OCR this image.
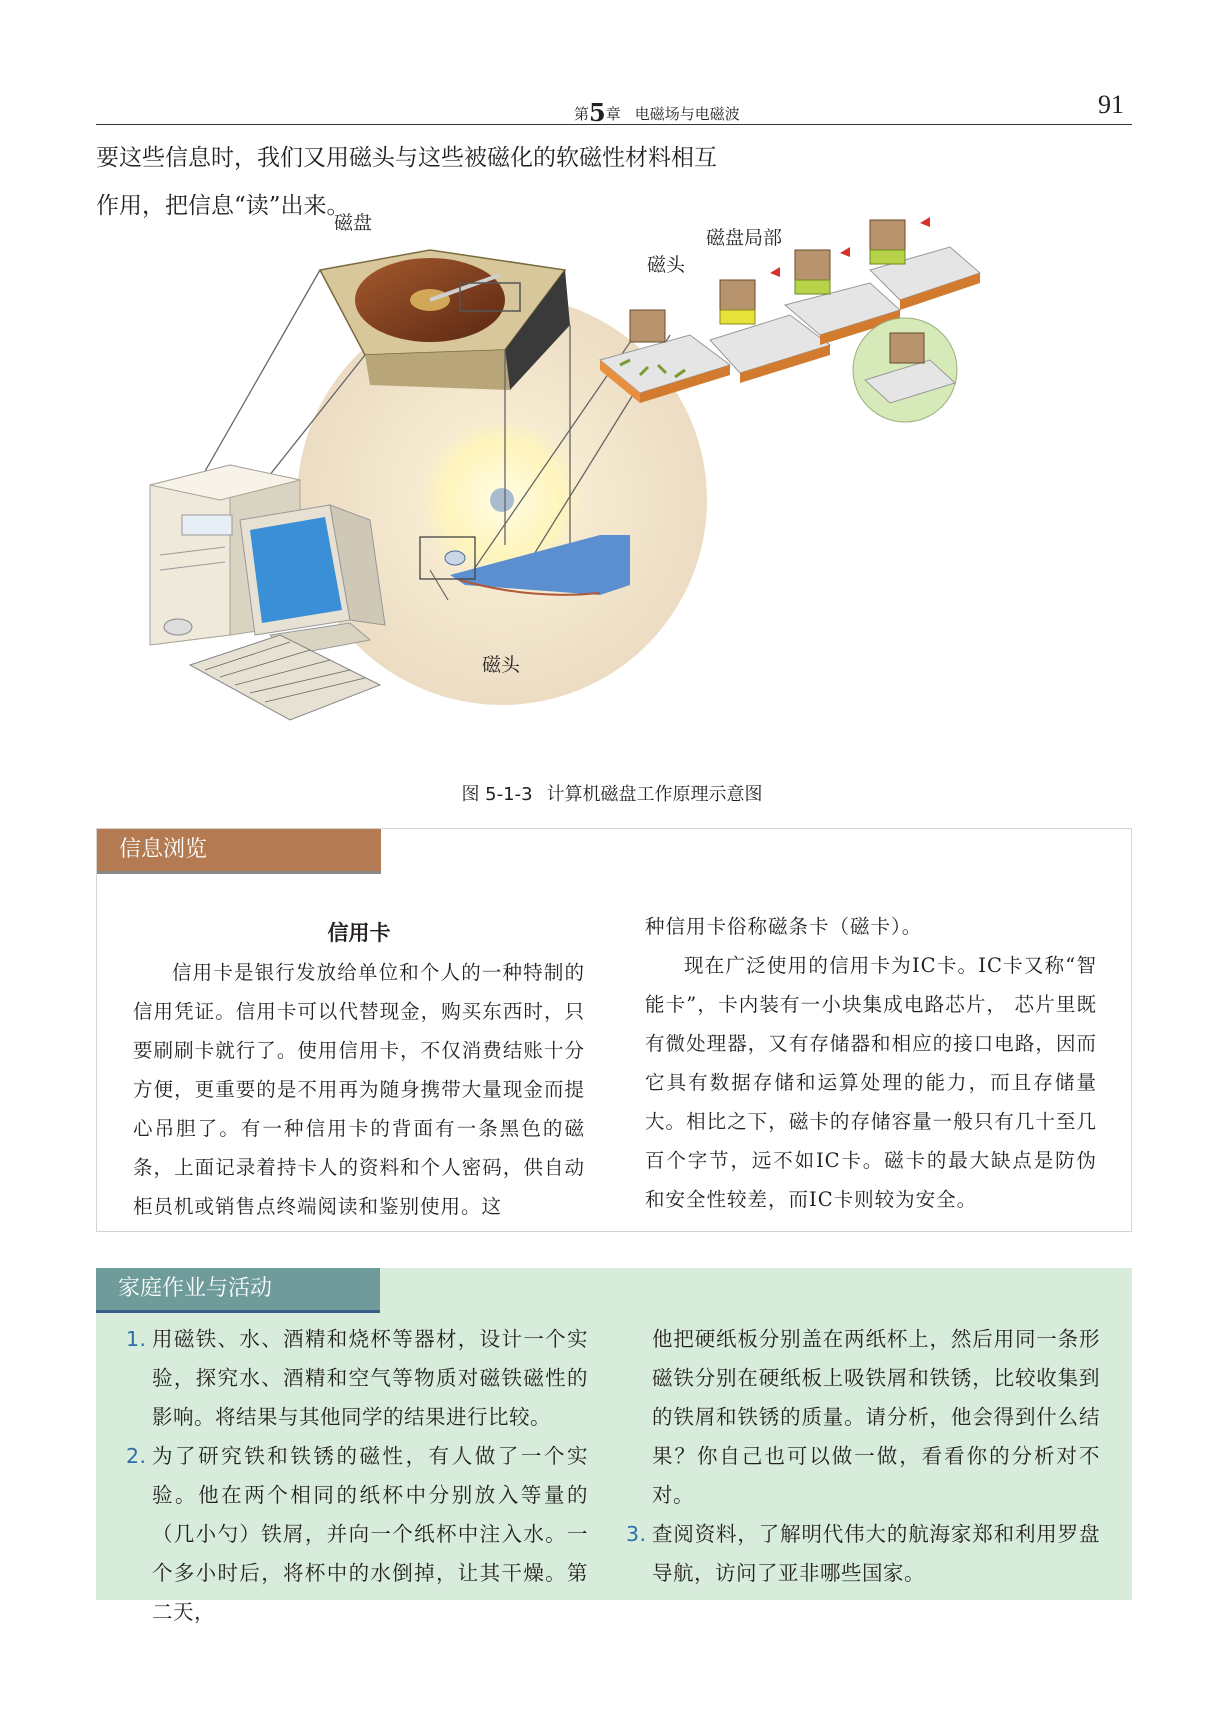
第5章 电磁场与电磁波	91

要这些信息时，我们又用磁头与这些被磁化的软磁性材料相互

作用，把信息“读”出来。

磁盘
磁头
磁盘局部
磁头
图 5-1-3 计算机磁盘工作原理示意图
信息浏览
信用卡

信用卡是银行发放给单位和个人的一种特制的信用凭证。信用卡可以代替现金，购买东西时，只要刷刷卡就行了。使用信用卡，不仅消费结账十分方便，更重要的是不用再为随身携带大量现金而提心吊胆了。有一种信用卡的背面有一条黑色的磁条，上面记录着持卡人的资料和个人密码，供自动柜员机或销售点终端阅读和鉴别使用。这

种信用卡俗称磁条卡（磁卡）。

现在广泛使用的信用卡为IC卡。IC卡又称“智能卡”，卡内装有一小块集成电路芯片， 芯片里既有微处理器，又有存储器和相应的接口电路，因而它具有数据存储和运算处理的能力，而且存储量大。相比之下，磁卡的存储容量一般只有几十至几百个字节，远不如IC卡。磁卡的最大缺点是防伪和安全性较差，而IC卡则较为安全。

家庭作业与活动

1. 用磁铁、水、酒精和烧杯等器材，设计一个实验，探究水、酒精和空气等物质对磁铁磁性的影响。将结果与其他同学的结果进行比较。

2. 为了研究铁和铁锈的磁性，有人做了一个实验。他在两个相同的纸杯中分别放入等量的（几小勺）铁屑，并向一个纸杯中注入水。一个多小时后，将杯中的水倒掉，让其干燥。第二天，

他把硬纸板分别盖在两纸杯上，然后用同一条形磁铁分别在硬纸板上吸铁屑和铁锈，比较收集到的铁屑和铁锈的质量。请分析，他会得到什么结果？你自己也可以做一做，看看你的分析对不对。

3. 查阅资料，了解明代伟大的航海家郑和利用罗盘导航，访问了亚非哪些国家。
